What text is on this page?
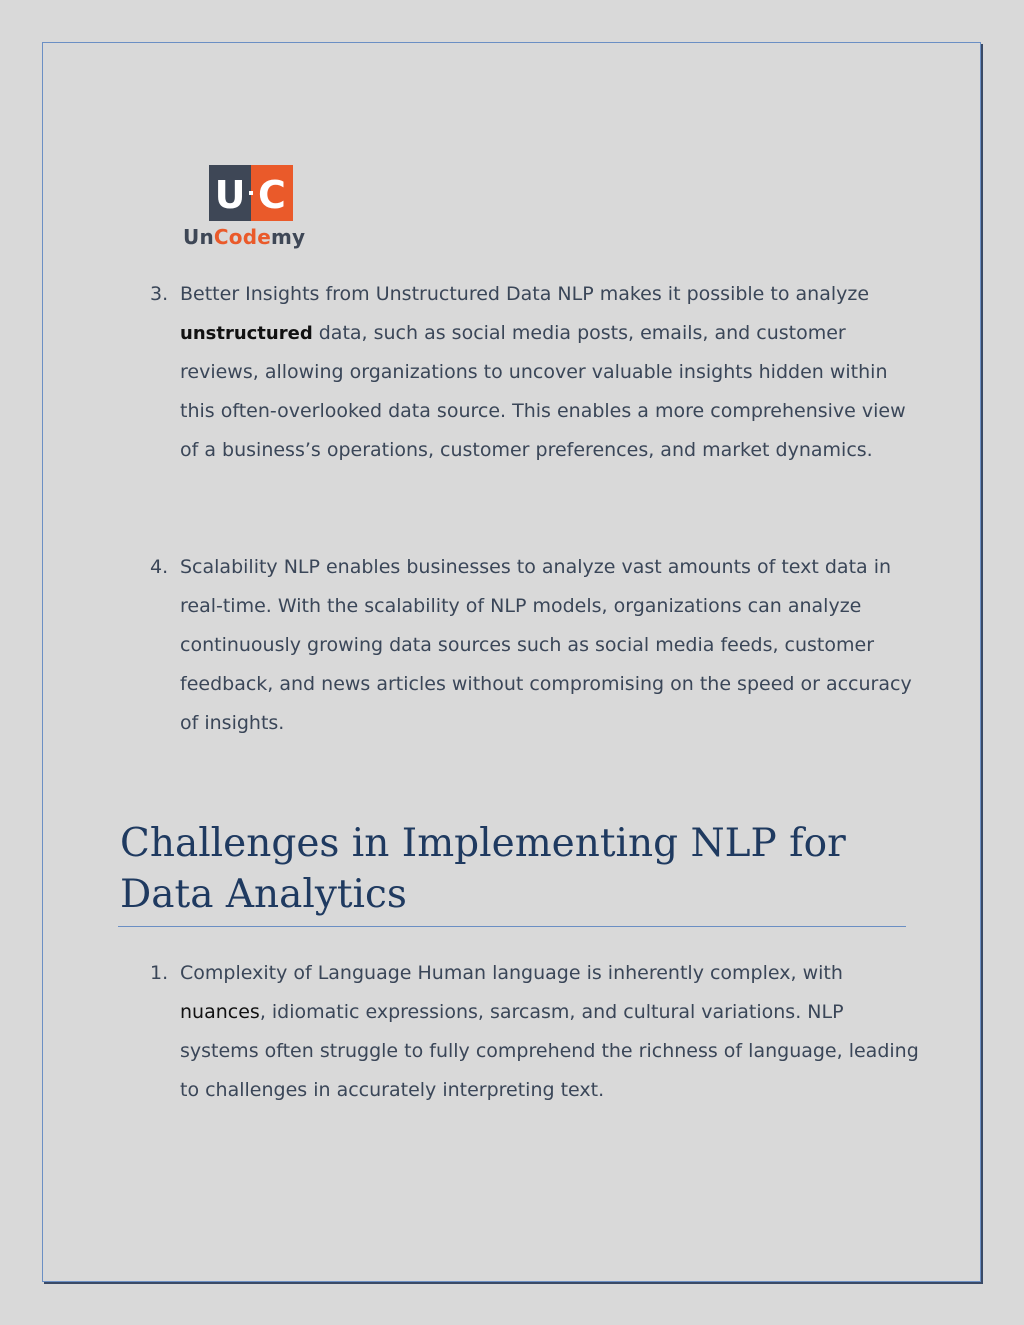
U C
UnCodemy
3. Better Insights from Unstructured Data NLP makes it possible to analyze unstructured data, such as social media posts, emails, and customer reviews, allowing organizations to uncover valuable insights hidden within this often-overlooked data source. This enables a more comprehensive view of a business’s operations, customer preferences, and market dynamics.
4. Scalability NLP enables businesses to analyze vast amounts of text data in real-time. With the scalability of NLP models, organizations can analyze continuously growing data sources such as social media feeds, customer feedback, and news articles without compromising on the speed or accuracy of insights.
Challenges in Implementing NLP for Data Analytics
1. Complexity of Language Human language is inherently complex, with nuances, idiomatic expressions, sarcasm, and cultural variations. NLP systems often struggle to fully comprehend the richness of language, leading to challenges in accurately interpreting text.
